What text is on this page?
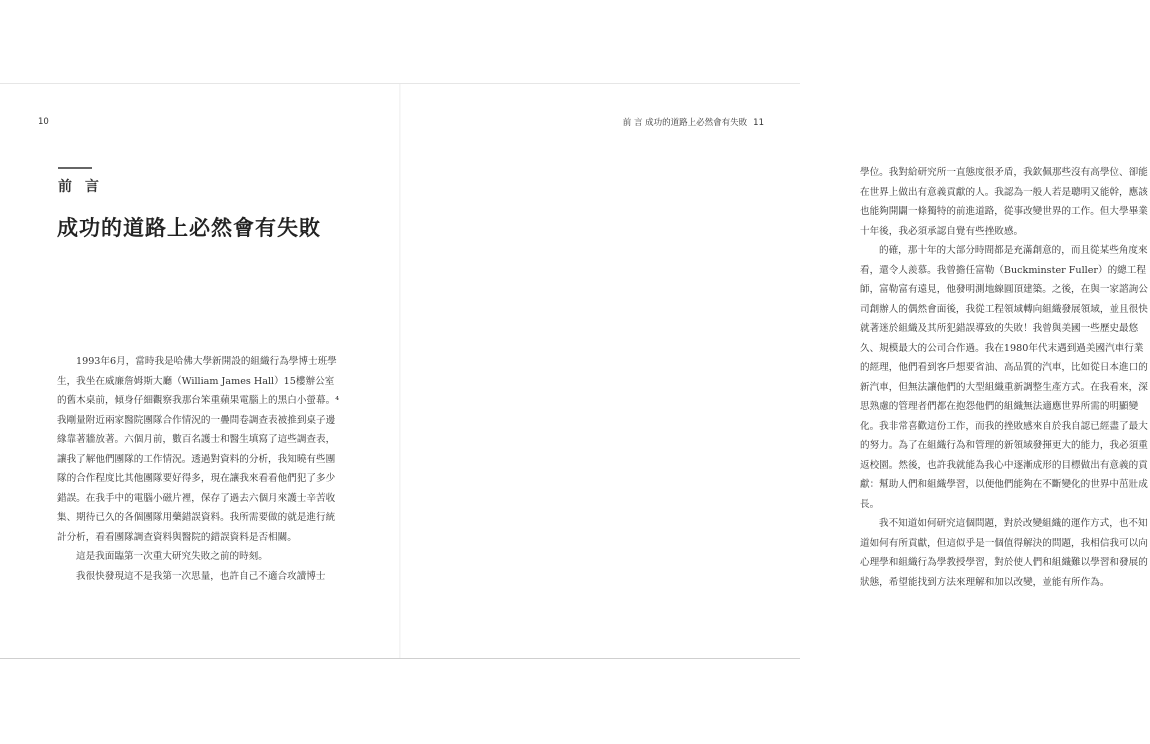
10
前 言
成功的道路上必然會有失敗

1993年6月，當時我是哈佛大學新開設的組織行為學博士班學生，我坐在威廉詹姆斯大廳（William James Hall）15樓辦公室的舊木桌前，傾身仔細觀察我那台笨重蘋果電腦上的黑白小螢幕。⁴我剛量附近兩家醫院團隊合作情況的一疊問卷調查表被推到桌子邊緣靠著牆放著。六個月前，數百名護士和醫生填寫了這些調查表，讓我了解他們團隊的工作情況。透過對資料的分析，我知曉有些團隊的合作程度比其他團隊要好得多，現在讓我來看看他們犯了多少錯誤。在我手中的電腦小磁片裡，保存了過去六個月來護士辛苦收集、期待已久的各個團隊用藥錯誤資料。我所需要做的就是進行統計分析，看看團隊調查資料與醫院的錯誤資料是否相關。

這是我面臨第一次重大研究失敗之前的時刻。

我很快發現這不是我第一次思量，也許自己不適合攻讀博士

前 言 成功的道路上必然會有失敗 11

學位。我對給研究所一直態度很矛盾，我欽佩那些沒有高學位、卻能在世界上做出有意義貢獻的人。我認為一般人若是聰明又能幹，應該也能夠開闢一條獨特的前進道路，從事改變世界的工作。但大學畢業十年後，我必須承認自覺有些挫敗感。

的確，那十年的大部分時間都是充滿創意的，而且從某些角度來看，還令人羨慕。我曾擔任富勒（Buckminster Fuller）的總工程師，富勒富有遠見，他發明測地線圓頂建築。之後，在與一家諮詢公司創辦人的偶然會面後，我從工程領域轉向組織發展領域，並且很快就著迷於組織及其所犯錯誤導致的失敗！我曾與美國一些歷史最悠久、規模最大的公司合作過。我在1980年代末遇到過美國汽車行業的經理，他們看到客戶想要省油、高品質的汽車，比如從日本進口的新汽車，但無法讓他們的大型組織重新調整生產方式。在我看來，深思熟慮的管理者們都在抱怨他們的組織無法適應世界所需的明顯變化。我非常喜歡這份工作，而我的挫敗感來自於我自認已經盡了最大的努力。為了在組織行為和管理的新領域發揮更大的能力，我必須重返校園。然後，也許我就能為我心中逐漸成形的目標做出有意義的貢獻：幫助人們和組織學習，以便他們能夠在不斷變化的世界中茁壯成長。

我不知道如何研究這個問題，對於改變組織的運作方式，也不知道如何有所貢獻，但這似乎是一個值得解決的問題，我相信我可以向心理學和組織行為學教授學習，對於使人們和組織難以學習和發展的狀態，希望能找到方法來理解和加以改變，並能有所作為。
